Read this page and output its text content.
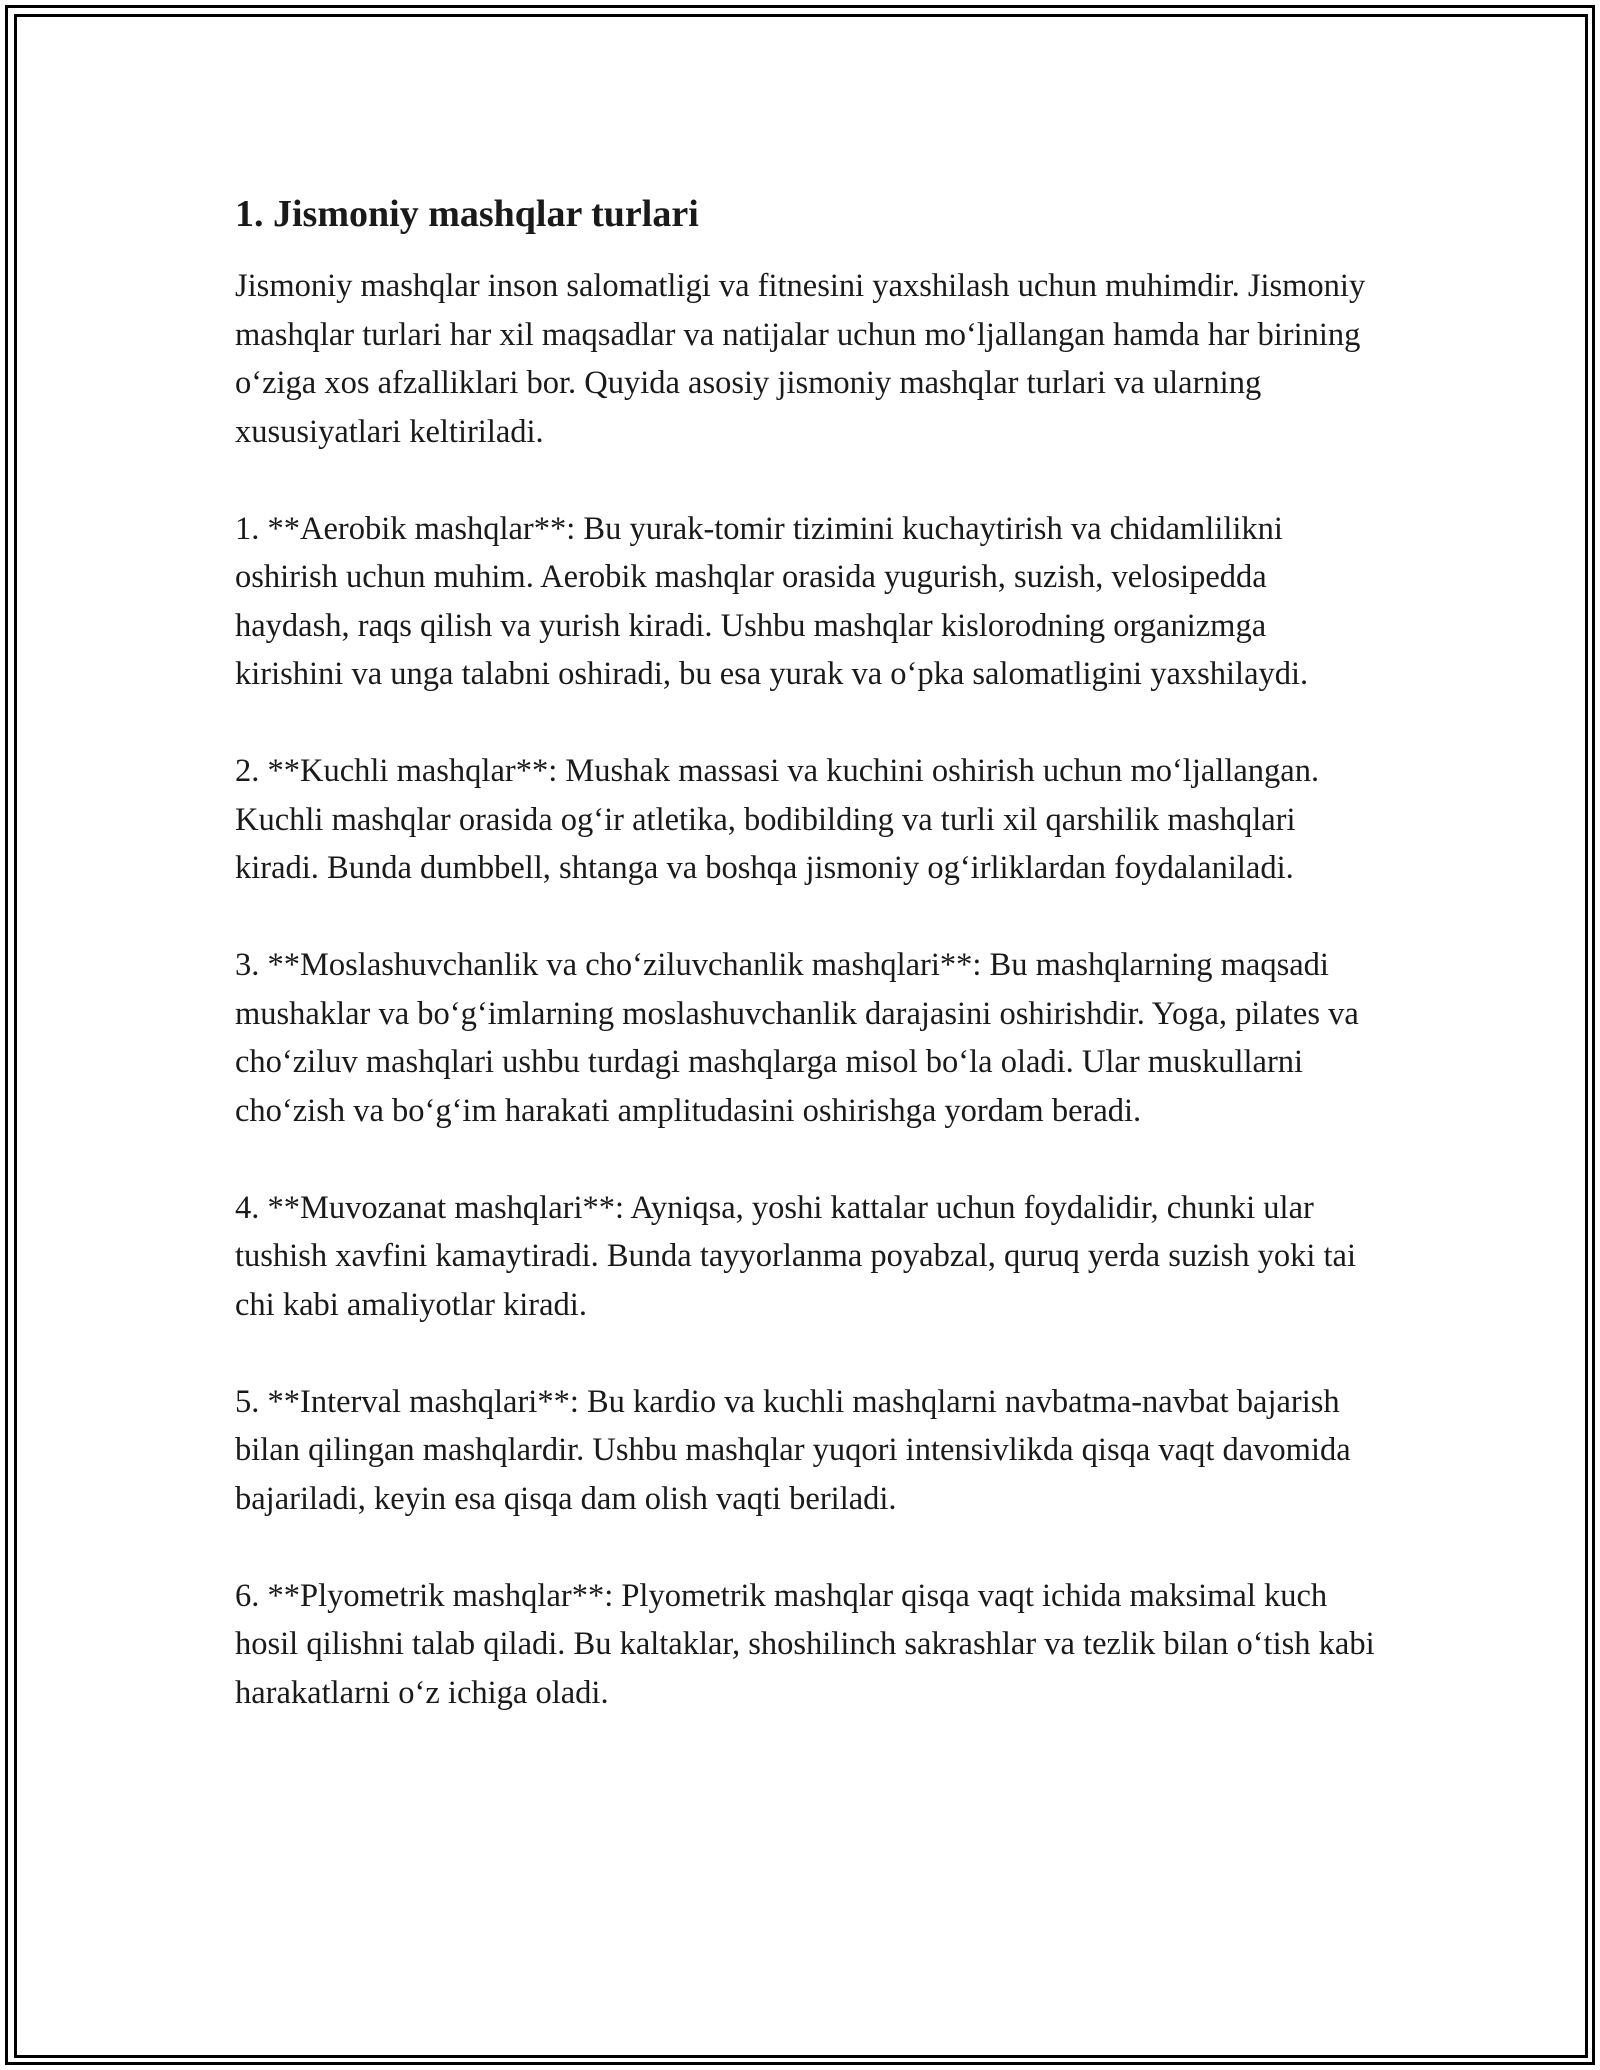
1. Jismoniy mashqlar turlari

Jismoniy mashqlar inson salomatligi va fitnesini yaxshilash uchun muhimdir. Jismoniy mashqlar turlari har xil maqsadlar va natijalar uchun mo‘ljallangan hamda har birining o‘ziga xos afzalliklari bor. Quyida asosiy jismoniy mashqlar turlari va ularning xususiyatlari keltiriladi.

1. **Aerobik mashqlar**: Bu yurak-tomir tizimini kuchaytirish va chidamlilikni oshirish uchun muhim. Aerobik mashqlar orasida yugurish, suzish, velosipedda haydash, raqs qilish va yurish kiradi. Ushbu mashqlar kislorodning organizmga kirishini va unga talabni oshiradi, bu esa yurak va o‘pka salomatligini yaxshilaydi.

2. **Kuchli mashqlar**: Mushak massasi va kuchini oshirish uchun mo‘ljallangan. Kuchli mashqlar orasida og‘ir atletika, bodibilding va turli xil qarshilik mashqlari kiradi. Bunda dumbbell, shtanga va boshqa jismoniy og‘irliklardan foydalaniladi.

3. **Moslashuvchanlik va cho‘ziluvchanlik mashqlari**: Bu mashqlarning maqsadi mushaklar va bo‘g‘imlarning moslashuvchanlik darajasini oshirishdir. Yoga, pilates va cho‘ziluv mashqlari ushbu turdagi mashqlarga misol bo‘la oladi. Ular muskullarni cho‘zish va bo‘g‘im harakati amplitudasini oshirishga yordam beradi.

4. **Muvozanat mashqlari**: Ayniqsa, yoshi kattalar uchun foydalidir, chunki ular tushish xavfini kamaytiradi. Bunda tayyorlanma poyabzal, quruq yerda suzish yoki tai chi kabi amaliyotlar kiradi.

5. **Interval mashqlari**: Bu kardio va kuchli mashqlarni navbatma-navbat bajarish bilan qilingan mashqlardir. Ushbu mashqlar yuqori intensivlikda qisqa vaqt davomida bajariladi, keyin esa qisqa dam olish vaqti beriladi.

6. **Plyometrik mashqlar**: Plyometrik mashqlar qisqa vaqt ichida maksimal kuch hosil qilishni talab qiladi. Bu kaltaklar, shoshilinch sakrashlar va tezlik bilan o‘tish kabi harakatlarni o‘z ichiga oladi.
